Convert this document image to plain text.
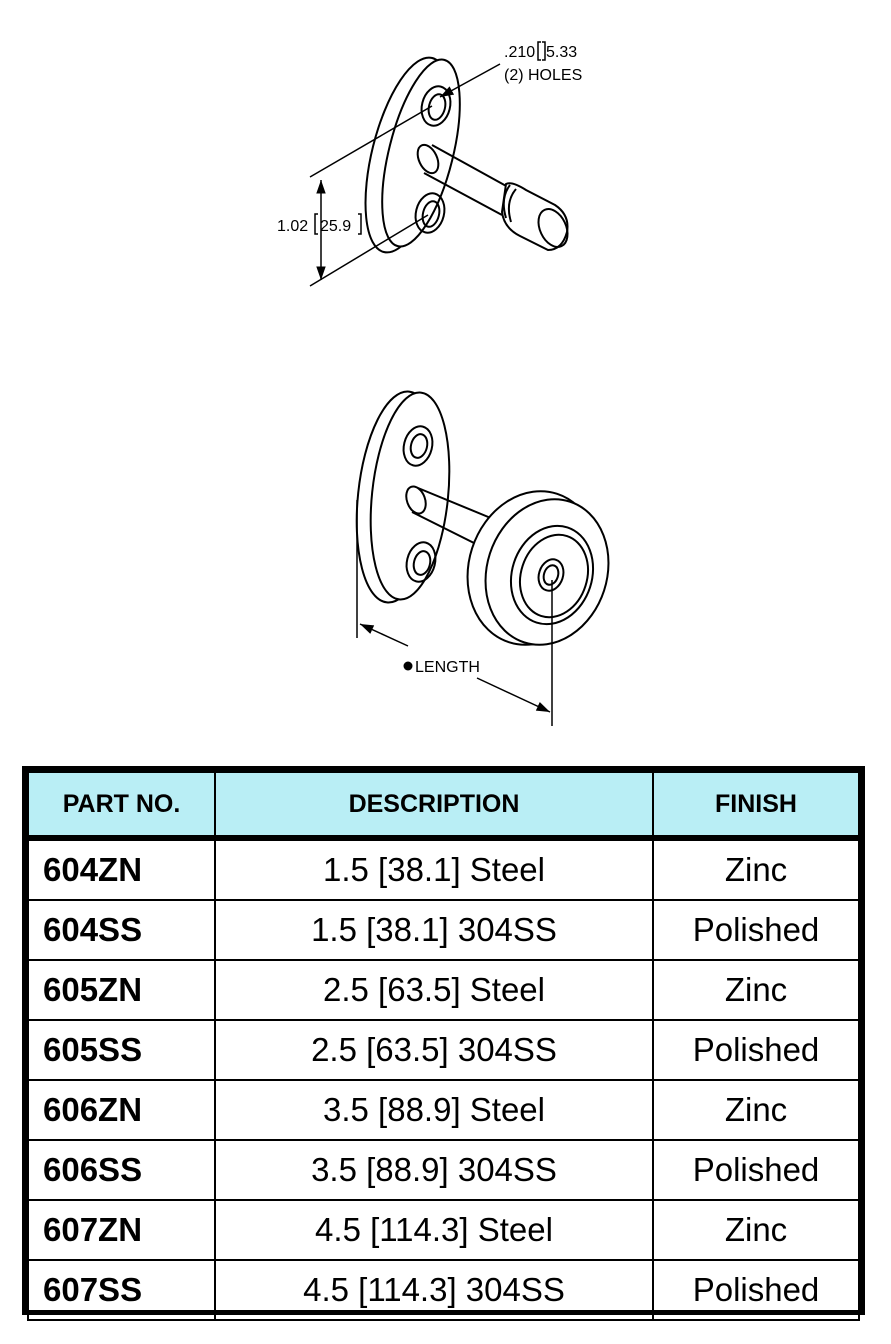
.210 5.33
(2) HOLES
1.02 25.9
LENGTH
PART NO.	DESCRIPTION	FINISH
604ZN	1.5 [38.1] Steel	Zinc
604SS	1.5 [38.1] 304SS	Polished
605ZN	2.5 [63.5] Steel	Zinc
605SS	2.5 [63.5] 304SS	Polished
606ZN	3.5 [88.9] Steel	Zinc
606SS	3.5 [88.9] 304SS	Polished
607ZN	4.5 [114.3] Steel	Zinc
607SS	4.5 [114.3] 304SS	Polished
